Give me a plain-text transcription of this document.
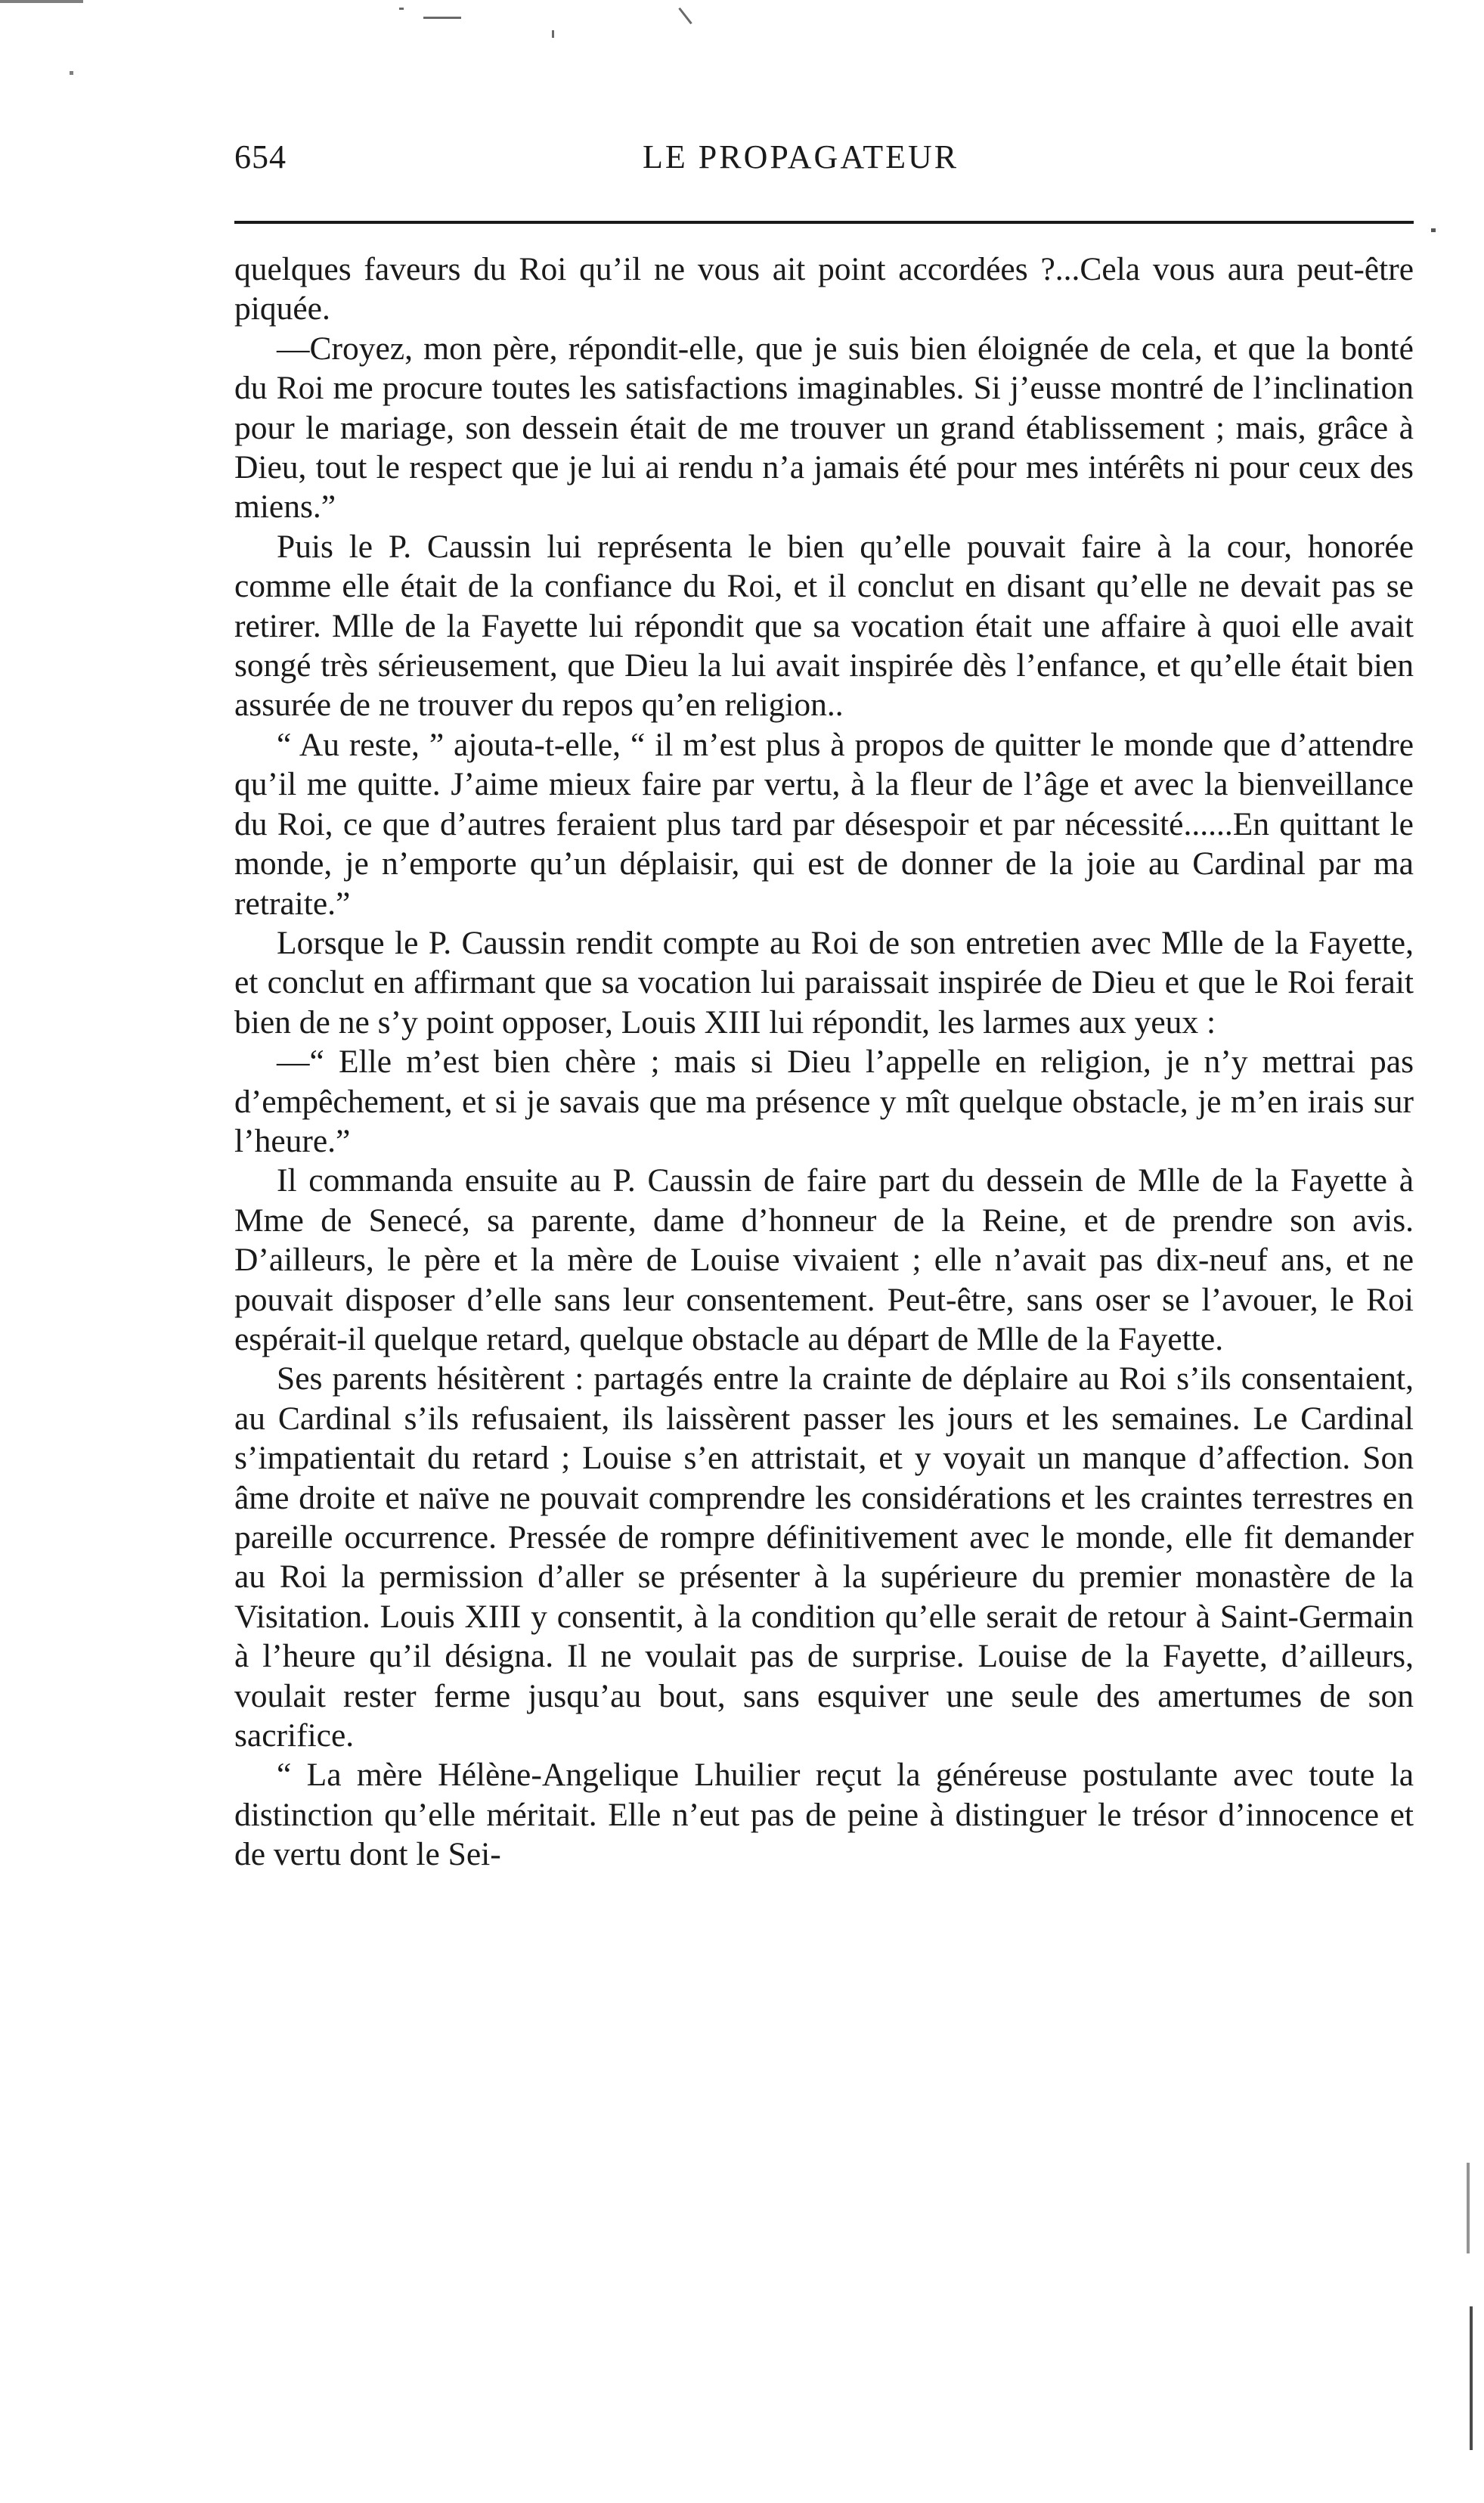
654	LE PROPAGATEUR

quelques faveurs du Roi qu’il ne vous ait point accordées ?...Cela vous aura peut-être piquée.

—Croyez, mon père, répondit-elle, que je suis bien éloignée de cela, et que la bonté du Roi me procure toutes les satisfactions imaginables. Si j’eusse montré de l’inclination pour le mariage, son dessein était de me trouver un grand établissement ; mais, grâce à Dieu, tout le respect que je lui ai rendu n’a jamais été pour mes intérêts ni pour ceux des miens.”

Puis le P. Caussin lui représenta le bien qu’elle pouvait faire à la cour, honorée comme elle était de la confiance du Roi, et il conclut en disant qu’elle ne devait pas se retirer. Mlle de la Fayette lui répondit que sa vocation était une affaire à quoi elle avait songé très sérieusement, que Dieu la lui avait inspirée dès l’enfance, et qu’elle était bien assurée de ne trouver du repos qu’en religion..

“ Au reste, ” ajouta-t-elle, “ il m’est plus à propos de quitter le monde que d’attendre qu’il me quitte. J’aime mieux faire par vertu, à la fleur de l’âge et avec la bienveillance du Roi, ce que d’autres feraient plus tard par désespoir et par nécessité......En quittant le monde, je n’emporte qu’un déplaisir, qui est de donner de la joie au Cardinal par ma retraite.”

Lorsque le P. Caussin rendit compte au Roi de son entretien avec Mlle de la Fayette, et conclut en affirmant que sa vocation lui paraissait inspirée de Dieu et que le Roi ferait bien de ne s’y point opposer, Louis XIII lui répondit, les larmes aux yeux :

—“ Elle m’est bien chère ; mais si Dieu l’appelle en religion, je n’y mettrai pas d’empêchement, et si je savais que ma présence y mît quelque obstacle, je m’en irais sur l’heure.”

Il commanda ensuite au P. Caussin de faire part du dessein de Mlle de la Fayette à Mme de Senecé, sa parente, dame d’honneur de la Reine, et de prendre son avis. D’ailleurs, le père et la mère de Louise vivaient ; elle n’avait pas dix-neuf ans, et ne pouvait disposer d’elle sans leur consentement. Peut-être, sans oser se l’avouer, le Roi espérait-il quelque retard, quelque obstacle au départ de Mlle de la Fayette.

Ses parents hésitèrent : partagés entre la crainte de déplaire au Roi s’ils consentaient, au Cardinal s’ils refusaient, ils laissèrent passer les jours et les semaines. Le Cardinal s’impatientait du retard ; Louise s’en attristait, et y voyait un manque d’affection. Son âme droite et naïve ne pouvait comprendre les considérations et les craintes terrestres en pareille occurrence. Pressée de rompre définitivement avec le monde, elle fit demander au Roi la permission d’aller se présenter à la supérieure du premier monastère de la Visitation. Louis XIII y consentit, à la condition qu’elle serait de retour à Saint-Germain à l’heure qu’il désigna. Il ne voulait pas de surprise. Louise de la Fayette, d’ailleurs, voulait rester ferme jusqu’au bout, sans esquiver une seule des amertumes de son sacrifice.

“ La mère Hélène-Angelique Lhuilier reçut la généreuse postulante avec toute la distinction qu’elle méritait. Elle n’eut pas de peine à distinguer le trésor d’innocence et de vertu dont le Sei-
